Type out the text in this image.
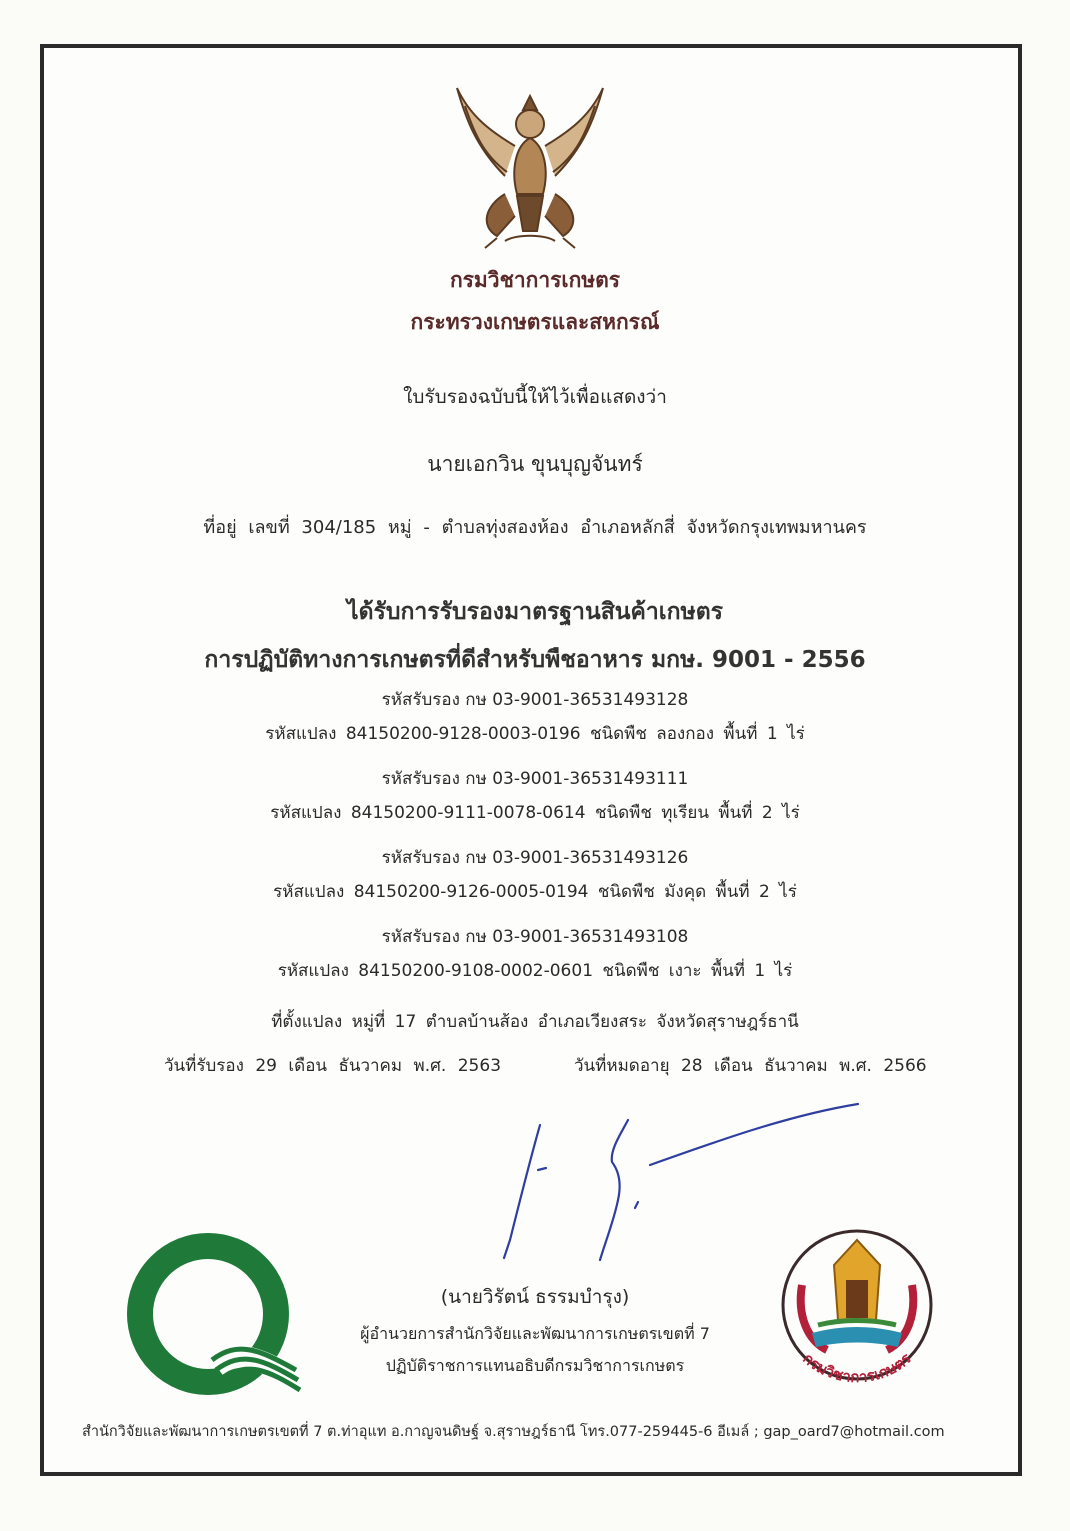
กรมวิชาการเกษตร
กระทรวงเกษตรและสหกรณ์
ใบรับรองฉบับนี้ให้ไว้เพื่อแสดงว่า
นายเอกวิน ขุนบุญจันทร์
ที่อยู่ เลขที่ 304/185 หมู่ - ตำบลทุ่งสองห้อง อำเภอหลักสี่ จังหวัดกรุงเทพมหานคร
ได้รับการรับรองมาตรฐานสินค้าเกษตร
การปฏิบัติทางการเกษตรที่ดีสำหรับพืชอาหาร มกษ. 9001 - 2556
รหัสรับรอง กษ 03-9001-36531493128
รหัสแปลง 84150200-9128-0003-0196 ชนิดพืช ลองกอง พื้นที่ 1 ไร่
รหัสรับรอง กษ 03-9001-36531493111
รหัสแปลง 84150200-9111-0078-0614 ชนิดพืช ทุเรียน พื้นที่ 2 ไร่
รหัสรับรอง กษ 03-9001-36531493126
รหัสแปลง 84150200-9126-0005-0194 ชนิดพืช มังคุด พื้นที่ 2 ไร่
รหัสรับรอง กษ 03-9001-36531493108
รหัสแปลง 84150200-9108-0002-0601 ชนิดพืช เงาะ พื้นที่ 1 ไร่
ที่ตั้งแปลง หมู่ที่ 17 ตำบลบ้านส้อง อำเภอเวียงสระ จังหวัดสุราษฎร์ธานี
วันที่รับรอง 29 เดือน ธันวาคม พ.ศ. 2563	วันที่หมดอายุ 28 เดือน ธันวาคม พ.ศ. 2566
(นายวิรัตน์ ธรรมบำรุง)
ผู้อำนวยการสำนักวิจัยและพัฒนาการเกษตรเขตที่ 7
ปฏิบัติราชการแทนอธิบดีกรมวิชาการเกษตร	กรมวิชาการเกษตร
สำนักวิจัยและพัฒนาการเกษตรเขตที่ 7 ต.ท่าอุแท อ.กาญจนดิษฐ์ จ.สุราษฎร์ธานี โทร.077-259445-6 อีเมล์ ; gap_oard7@hotmail.com
